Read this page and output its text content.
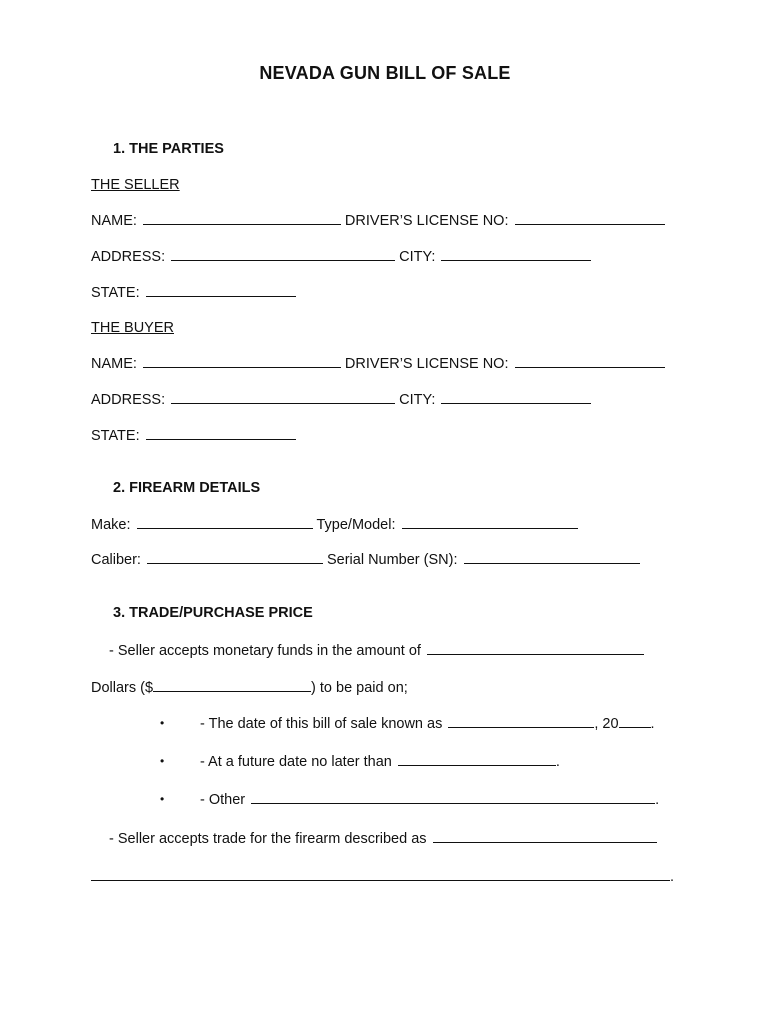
NEVADA GUN BILL OF SALE
1. THE PARTIES
THE SELLER
NAME:	DRIVER’S LICENSE NO:
ADDRESS:	CITY:
STATE:
THE BUYER
NAME:	DRIVER’S LICENSE NO:
ADDRESS:	CITY:
STATE:
2. FIREARM DETAILS
Make:	Type/Model:
Caliber:	Serial Number (SN):
3. TRADE/PURCHASE PRICE
- Seller accepts monetary funds in the amount of
Dollars ($	) to be paid on;
• - The date of this bill of sale known as	, 20 .
• - At a future date no later than	.
• - Other	.
- Seller accepts trade for the firearm described as
.
